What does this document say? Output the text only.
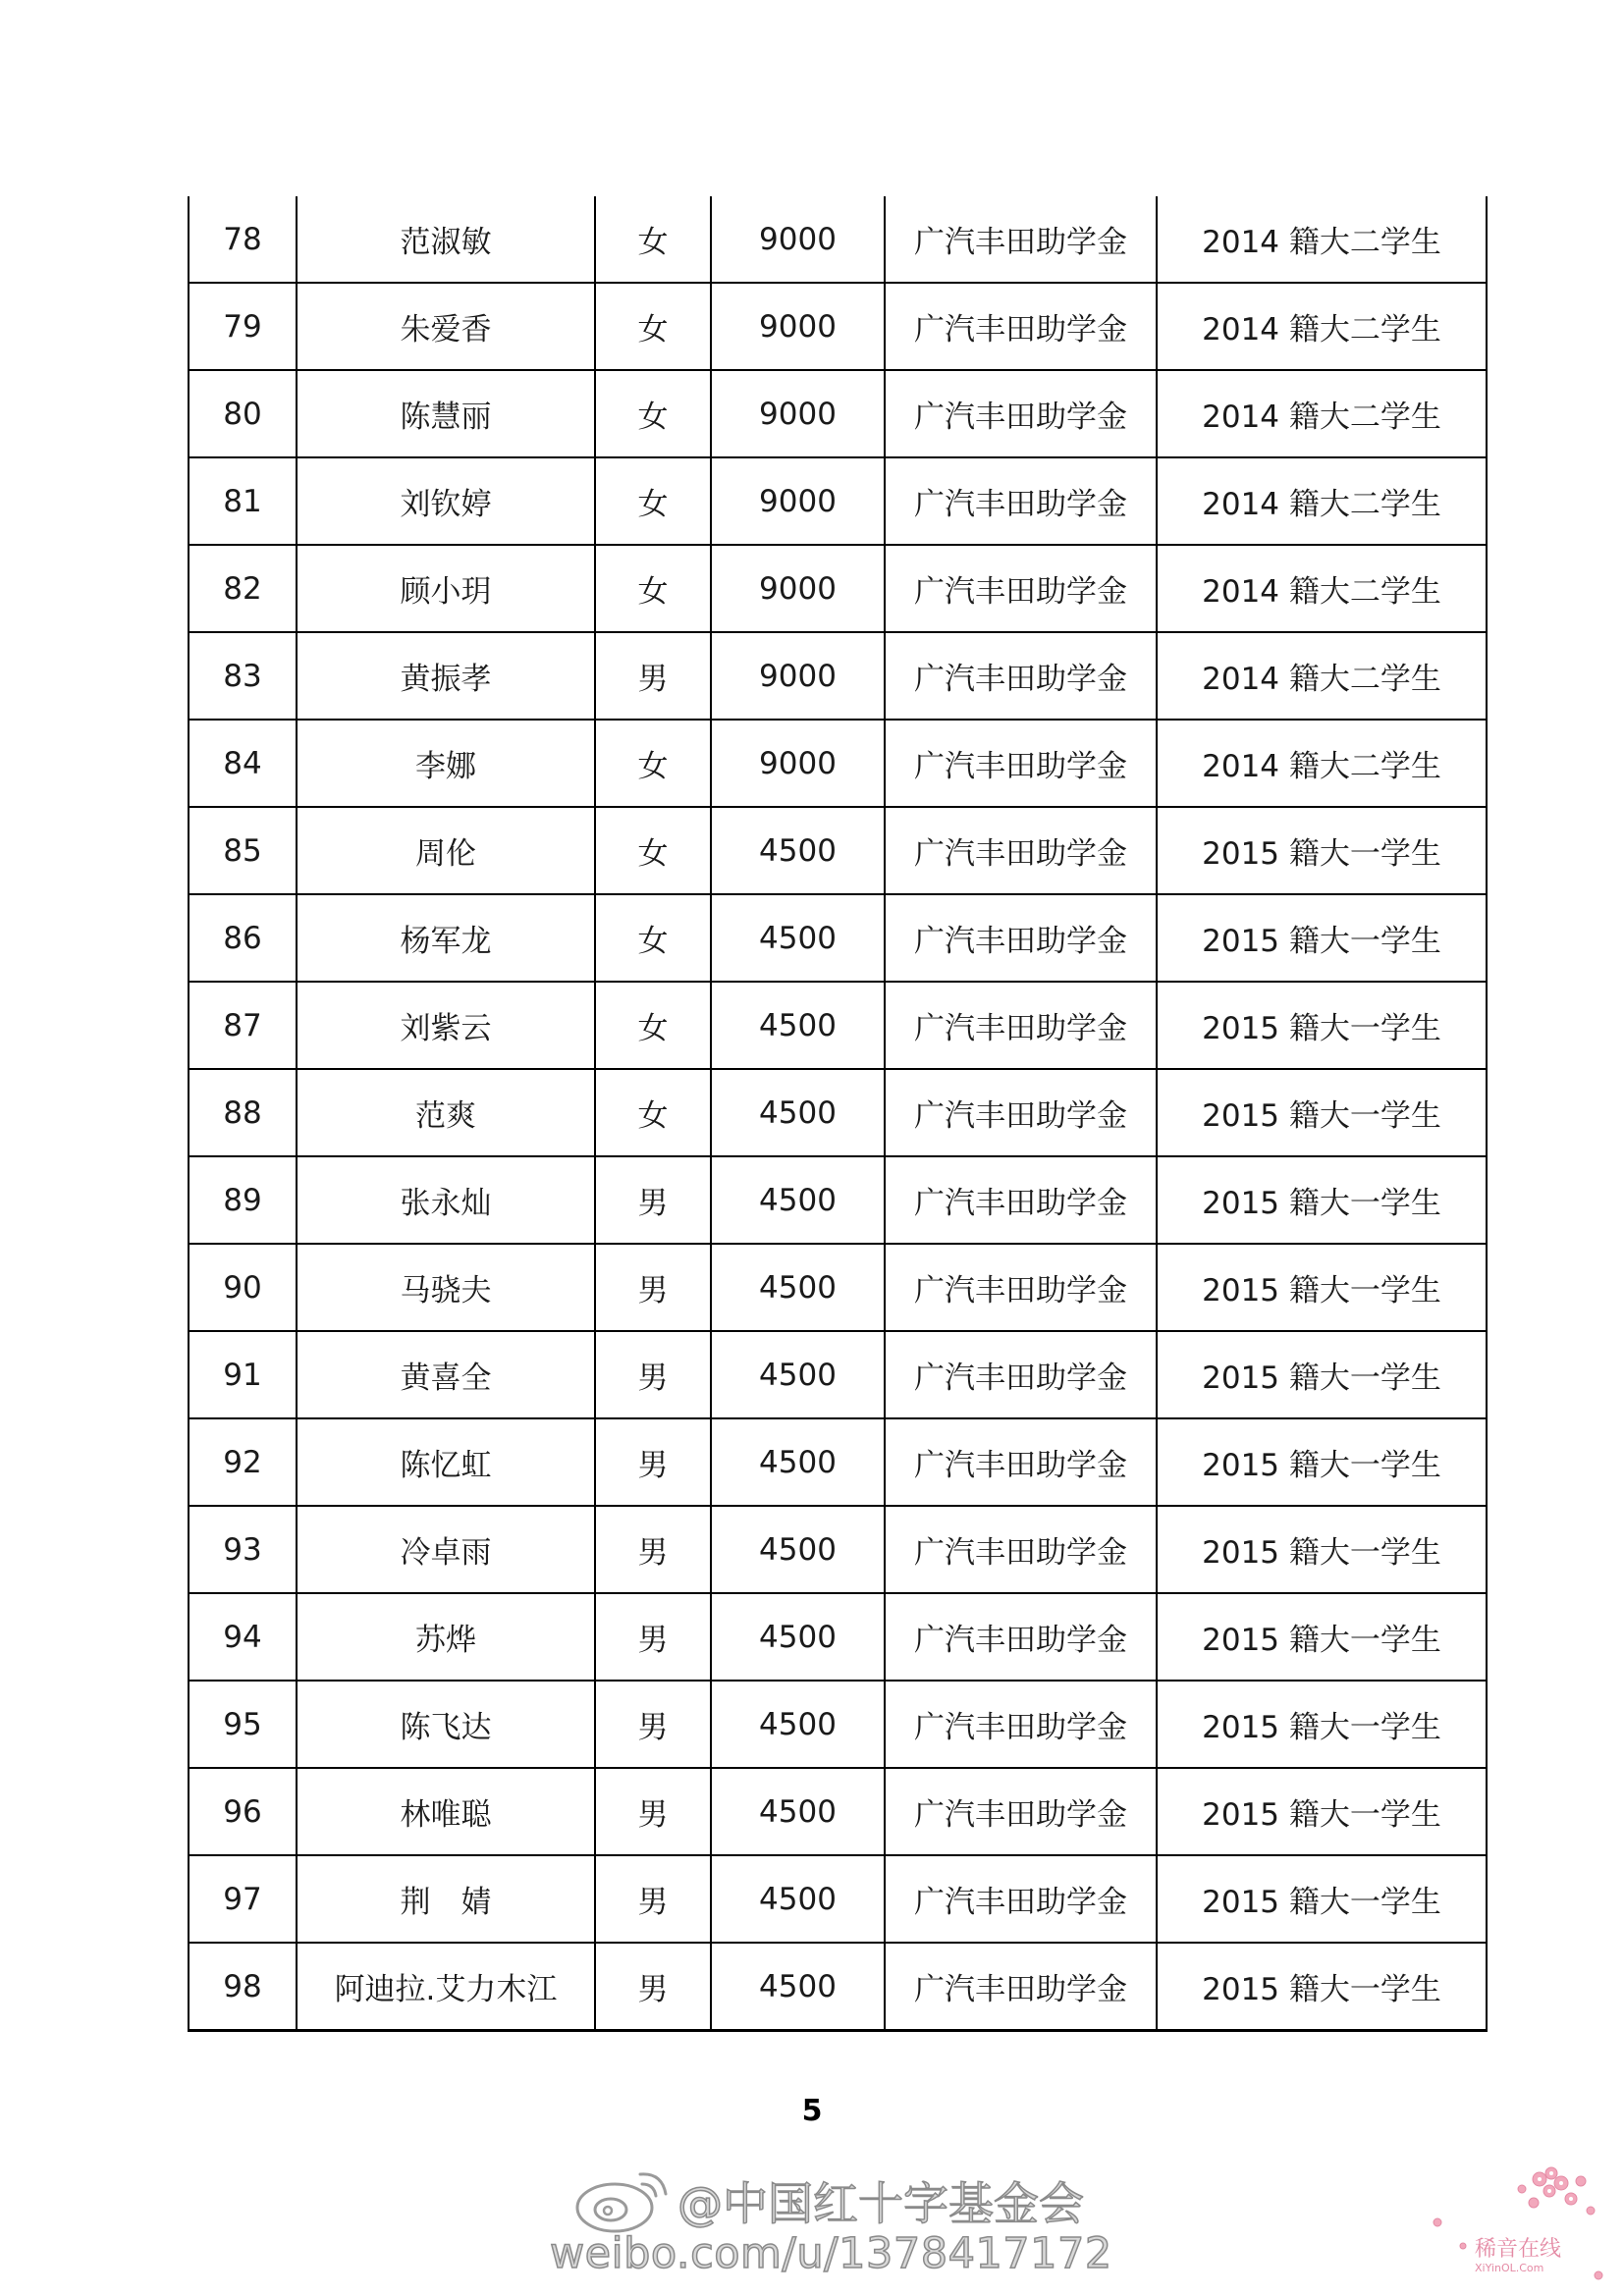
78	范淑敏	女	9000	广汽丰田助学金	2014 籍大二学生
79	朱爱香	女	9000	广汽丰田助学金	2014 籍大二学生
80	陈慧丽	女	9000	广汽丰田助学金	2014 籍大二学生
81	刘钦婷	女	9000	广汽丰田助学金	2014 籍大二学生
82	顾小玥	女	9000	广汽丰田助学金	2014 籍大二学生
83	黄振孝	男	9000	广汽丰田助学金	2014 籍大二学生
84	李娜	女	9000	广汽丰田助学金	2014 籍大二学生
85	周伦	女	4500	广汽丰田助学金	2015 籍大一学生
86	杨军龙	女	4500	广汽丰田助学金	2015 籍大一学生
87	刘紫云	女	4500	广汽丰田助学金	2015 籍大一学生
88	范爽	女	4500	广汽丰田助学金	2015 籍大一学生
89	张永灿	男	4500	广汽丰田助学金	2015 籍大一学生
90	马骁夫	男	4500	广汽丰田助学金	2015 籍大一学生
91	黄喜全	男	4500	广汽丰田助学金	2015 籍大一学生
92	陈忆虹	男	4500	广汽丰田助学金	2015 籍大一学生
93	冷卓雨	男	4500	广汽丰田助学金	2015 籍大一学生
94	苏烨	男	4500	广汽丰田助学金	2015 籍大一学生
95	陈飞达	男	4500	广汽丰田助学金	2015 籍大一学生
96	林唯聪	男	4500	广汽丰田助学金	2015 籍大一学生
97	荆　婧	男	4500	广汽丰田助学金	2015 籍大一学生
98	阿迪拉.艾力木江	男	4500	广汽丰田助学金	2015 籍大一学生
5
@中国红十字基金会
weibo.com/u/1378417172	稀音在线
XiYinOL.Com
